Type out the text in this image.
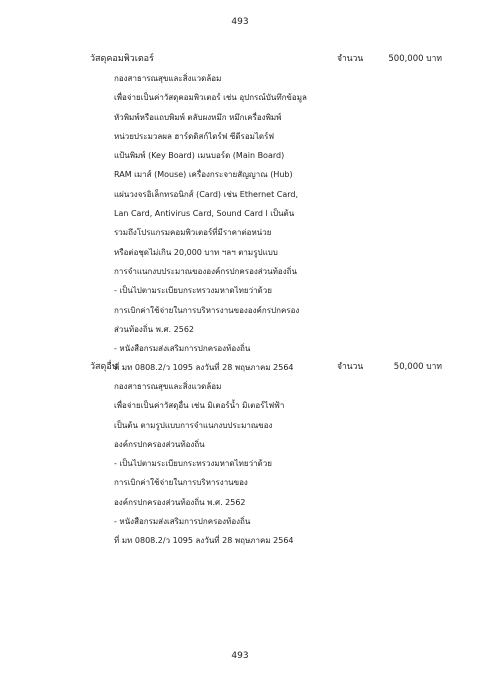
493
วัสดุคอมพิวเตอร์	จำนวน	500,000 บาท
กองสาธารณสุขและสิ่งแวดล้อม
เพื่อจ่ายเป็นค่าวัสดุคอมพิวเตอร์ เช่น อุปกรณ์บันทึกข้อมูล
หัวพิมพ์หรือแถบพิมพ์ ตลับผงหมึก หมึกเครื่องพิมพ์
หน่วยประมวลผล ฮาร์ดดิสก์ไดร์ฟ ซีดีรอมไดร์ฟ
แป้นพิมพ์ (Key Board) เมนบอร์ด (Main Board)
RAM เมาส์ (Mouse) เครื่องกระจายสัญญาณ (Hub)
แผ่นวงจรอิเล็กทรอนิกส์ (Card) เช่น Ethernet Card,
Lan Card, Antivirus Card, Sound Card l เป็นต้น
รวมถึงโปรแกรมคอมพิวเตอร์ที่มีราคาต่อหน่วย
หรือต่อชุดไม่เกิน 20,000 บาท ฯลฯ ตามรูปแบบ
การจำแนกงบประมาณขององค์กรปกครองส่วนท้องถิ่น
- เป็นไปตามระเบียบกระทรวงมหาดไทยว่าด้วย
การเบิกค่าใช้จ่ายในการบริหารงานขององค์กรปกครอง
ส่วนท้องถิ่น พ.ศ. 2562
- หนังสือกรมส่งเสริมการปกครองท้องถิ่น
ที่ มท 0808.2/ว 1095 ลงวันที่ 28 พฤษภาคม 2564
วัสดุอื่น	จำนวน	50,000 บาท
กองสาธารณสุขและสิ่งแวดล้อม
เพื่อจ่ายเป็นค่าวัสดุอื่น เช่น มิเตอร์น้ำ มิเตอร์ไฟฟ้า
เป็นต้น ตามรูปแบบการจำแนกงบประมาณของ
องค์กรปกครองส่วนท้องถิ่น
- เป็นไปตามระเบียบกระทรวงมหาดไทยว่าด้วย
การเบิกค่าใช้จ่ายในการบริหารงานของ
องค์กรปกครองส่วนท้องถิ่น พ.ศ. 2562
- หนังสือกรมส่งเสริมการปกครองท้องถิ่น
ที่ มท 0808.2/ว 1095 ลงวันที่ 28 พฤษภาคม 2564
493
